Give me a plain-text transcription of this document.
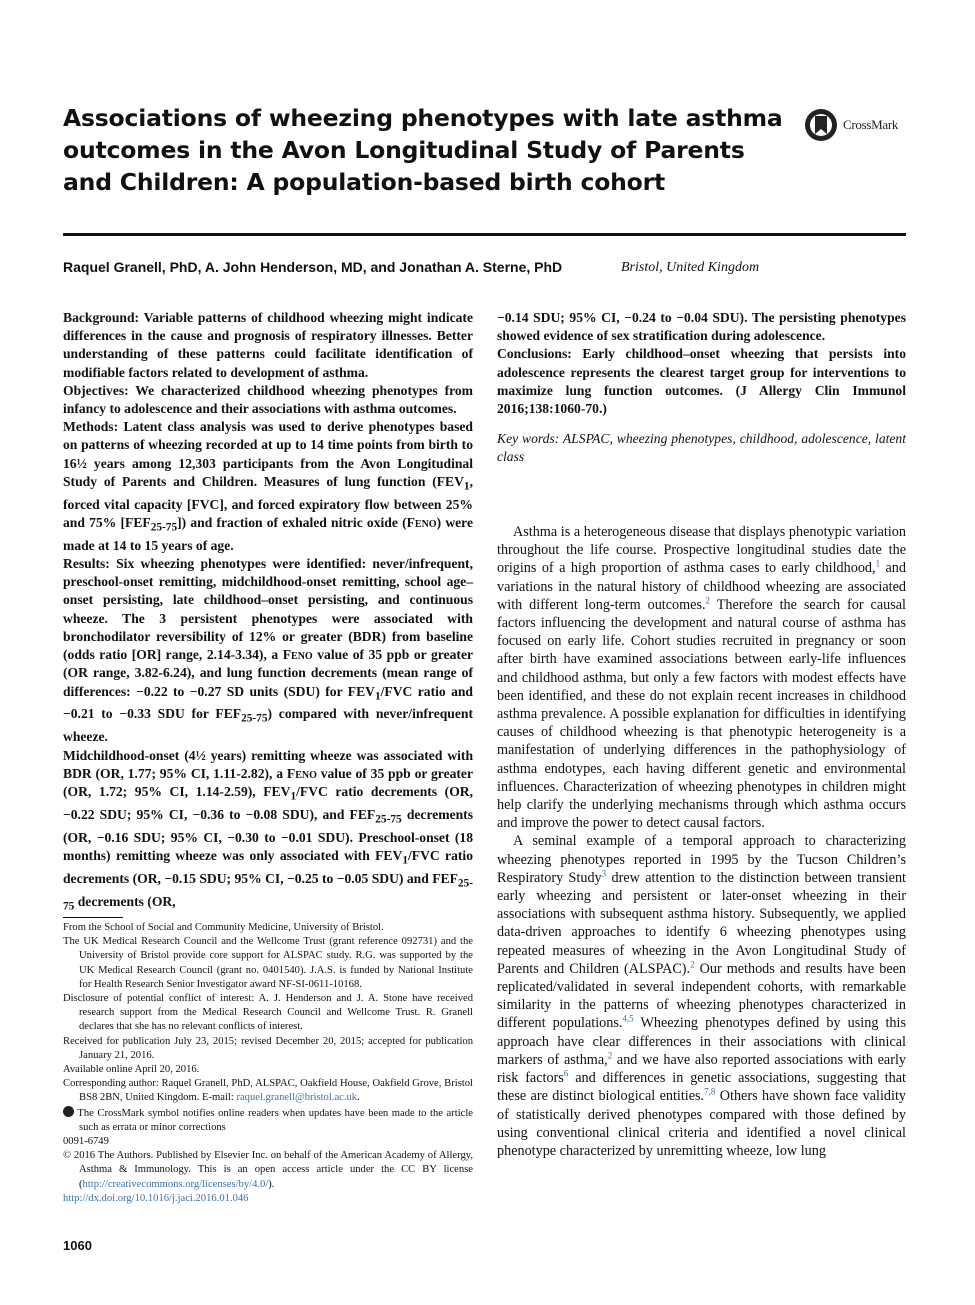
Associations of wheezing phenotypes with late asthma outcomes in the Avon Longitudinal Study of Parents and Children: A population-based birth cohort
CrossMark
Raquel Granell, PhD, A. John Henderson, MD, and Jonathan A. Sterne, PhD	Bristol, United Kingdom

Background: Variable patterns of childhood wheezing might indicate differences in the cause and prognosis of respiratory illnesses. Better understanding of these patterns could facilitate identification of modifiable factors related to development of asthma.

Objectives: We characterized childhood wheezing phenotypes from infancy to adolescence and their associations with asthma outcomes.

Methods: Latent class analysis was used to derive phenotypes based on patterns of wheezing recorded at up to 14 time points from birth to 16½ years among 12,303 participants from the Avon Longitudinal Study of Parents and Children. Measures of lung function ($FEV_1$, forced vital capacity [FVC], and forced expiratory flow between 25% and 75% $[FEF_{25-75}]$) and fraction of exhaled nitric oxide (Feno) were made at 14 to 15 years of age.

Results: Six wheezing phenotypes were identified: never/infrequent, preschool-onset remitting, midchildhood-onset remitting, school age–onset persisting, late childhood–onset persisting, and continuous wheeze. The 3 persistent phenotypes were associated with bronchodilator reversibility of 12% or greater (BDR) from baseline (odds ratio [OR] range, 2.14-3.34), a Feno value of 35 ppb or greater (OR range, 3.82-6.24), and lung function decrements (mean range of differences: −0.22 to −0.27 SD units (SDU) for $FEV_1$/FVC ratio and −0.21 to −0.33 SDU for $FEF_{25-75}$) compared with never/infrequent wheeze.

Midchildhood-onset (4½ years) remitting wheeze was associated with BDR (OR, 1.77; 95% CI, 1.11-2.82), a Feno value of 35 ppb or greater (OR, 1.72; 95% CI, 1.14-2.59), $FEV_1$/FVC ratio decrements (OR, −0.22 SDU; 95% CI, −0.36 to −0.08 SDU), and $FEF_{25-75}$ decrements (OR, −0.16 SDU; 95% CI, −0.30 to −0.01 SDU). Preschool-onset (18 months) remitting wheeze was only associated with $FEV_1$/FVC ratio decrements (OR, −0.15 SDU; 95% CI, −0.25 to −0.05 SDU) and $FEF_{25-75}$ decrements (OR,

−0.14 SDU; 95% CI, −0.24 to −0.04 SDU). The persisting phenotypes showed evidence of sex stratification during adolescence.

Conclusions: Early childhood–onset wheezing that persists into adolescence represents the clearest target group for interventions to maximize lung function outcomes. (J Allergy Clin Immunol 2016;138:1060-70.)

Key words: ALSPAC, wheezing phenotypes, childhood, adolescence, latent class

Asthma is a heterogeneous disease that displays phenotypic variation throughout the life course. Prospective longitudinal studies date the origins of a high proportion of asthma cases to early childhood,$^1$ and variations in the natural history of childhood wheezing are associated with different long-term outcomes.$^2$ Therefore the search for causal factors influencing the development and natural course of asthma has focused on early life. Cohort studies recruited in pregnancy or soon after birth have examined associations between early-life influences and childhood asthma, but only a few factors with modest effects have been identified, and these do not explain recent increases in childhood asthma prevalence. A possible explanation for difficulties in identifying causes of childhood wheezing is that phenotypic heterogeneity is a manifestation of underlying differences in the pathophysiology of asthma endotypes, each having different genetic and environmental influences. Characterization of wheezing phenotypes in children might help clarify the underlying mechanisms through which asthma occurs and improve the power to detect causal factors.

A seminal example of a temporal approach to characterizing wheezing phenotypes reported in 1995 by the Tucson Children’s Respiratory Study$^3$ drew attention to the distinction between transient early wheezing and persistent or later-onset wheezing in their associations with subsequent asthma history. Subsequently, we applied data-driven approaches to identify 6 wheezing phenotypes using repeated measures of wheezing in the Avon Longitudinal Study of Parents and Children (ALSPAC).$^2$ Our methods and results have been replicated/validated in several independent cohorts, with remarkable similarity in the patterns of wheezing phenotypes characterized in different populations.$^{4,5}$ Wheezing phenotypes defined by using this approach have clear differences in their associations with clinical markers of asthma,$^2$ and we have also reported associations with early risk factors$^6$ and differences in genetic associations, suggesting that these are distinct biological entities.$^{7,8}$ Others have shown face validity of statistically derived phenotypes compared with those defined by using conventional clinical criteria and identified a novel clinical phenotype characterized by unremitting wheeze, low lung

From the School of Social and Community Medicine, University of Bristol.

The UK Medical Research Council and the Wellcome Trust (grant reference 092731) and the University of Bristol provide core support for ALSPAC study. R.G. was supported by the UK Medical Research Council (grant no. 0401540). J.A.S. is funded by National Institute for Health Research Senior Investigator award NF-SI-0611-10168.

Disclosure of potential conflict of interest: A. J. Henderson and J. A. Stone have received research support from the Medical Research Council and Wellcome Trust. R. Granell declares that she has no relevant conflicts of interest.

Received for publication July 23, 2015; revised December 20, 2015; accepted for publication January 21, 2016.

Available online April 20, 2016.

Corresponding author: Raquel Granell, PhD, ALSPAC, Oakfield House, Oakfield Grove, Bristol BS8 2BN, United Kingdom. E-mail: raquel.granell@bristol.ac.uk.

The CrossMark symbol notifies online readers when updates have been made to the article such as errata or minor corrections

0091-6749

© 2016 The Authors. Published by Elsevier Inc. on behalf of the American Academy of Allergy, Asthma & Immunology. This is an open access article under the CC BY license (http://creativecommons.org/licenses/by/4.0/).

http://dx.doi.org/10.1016/j.jaci.2016.01.046

1060
